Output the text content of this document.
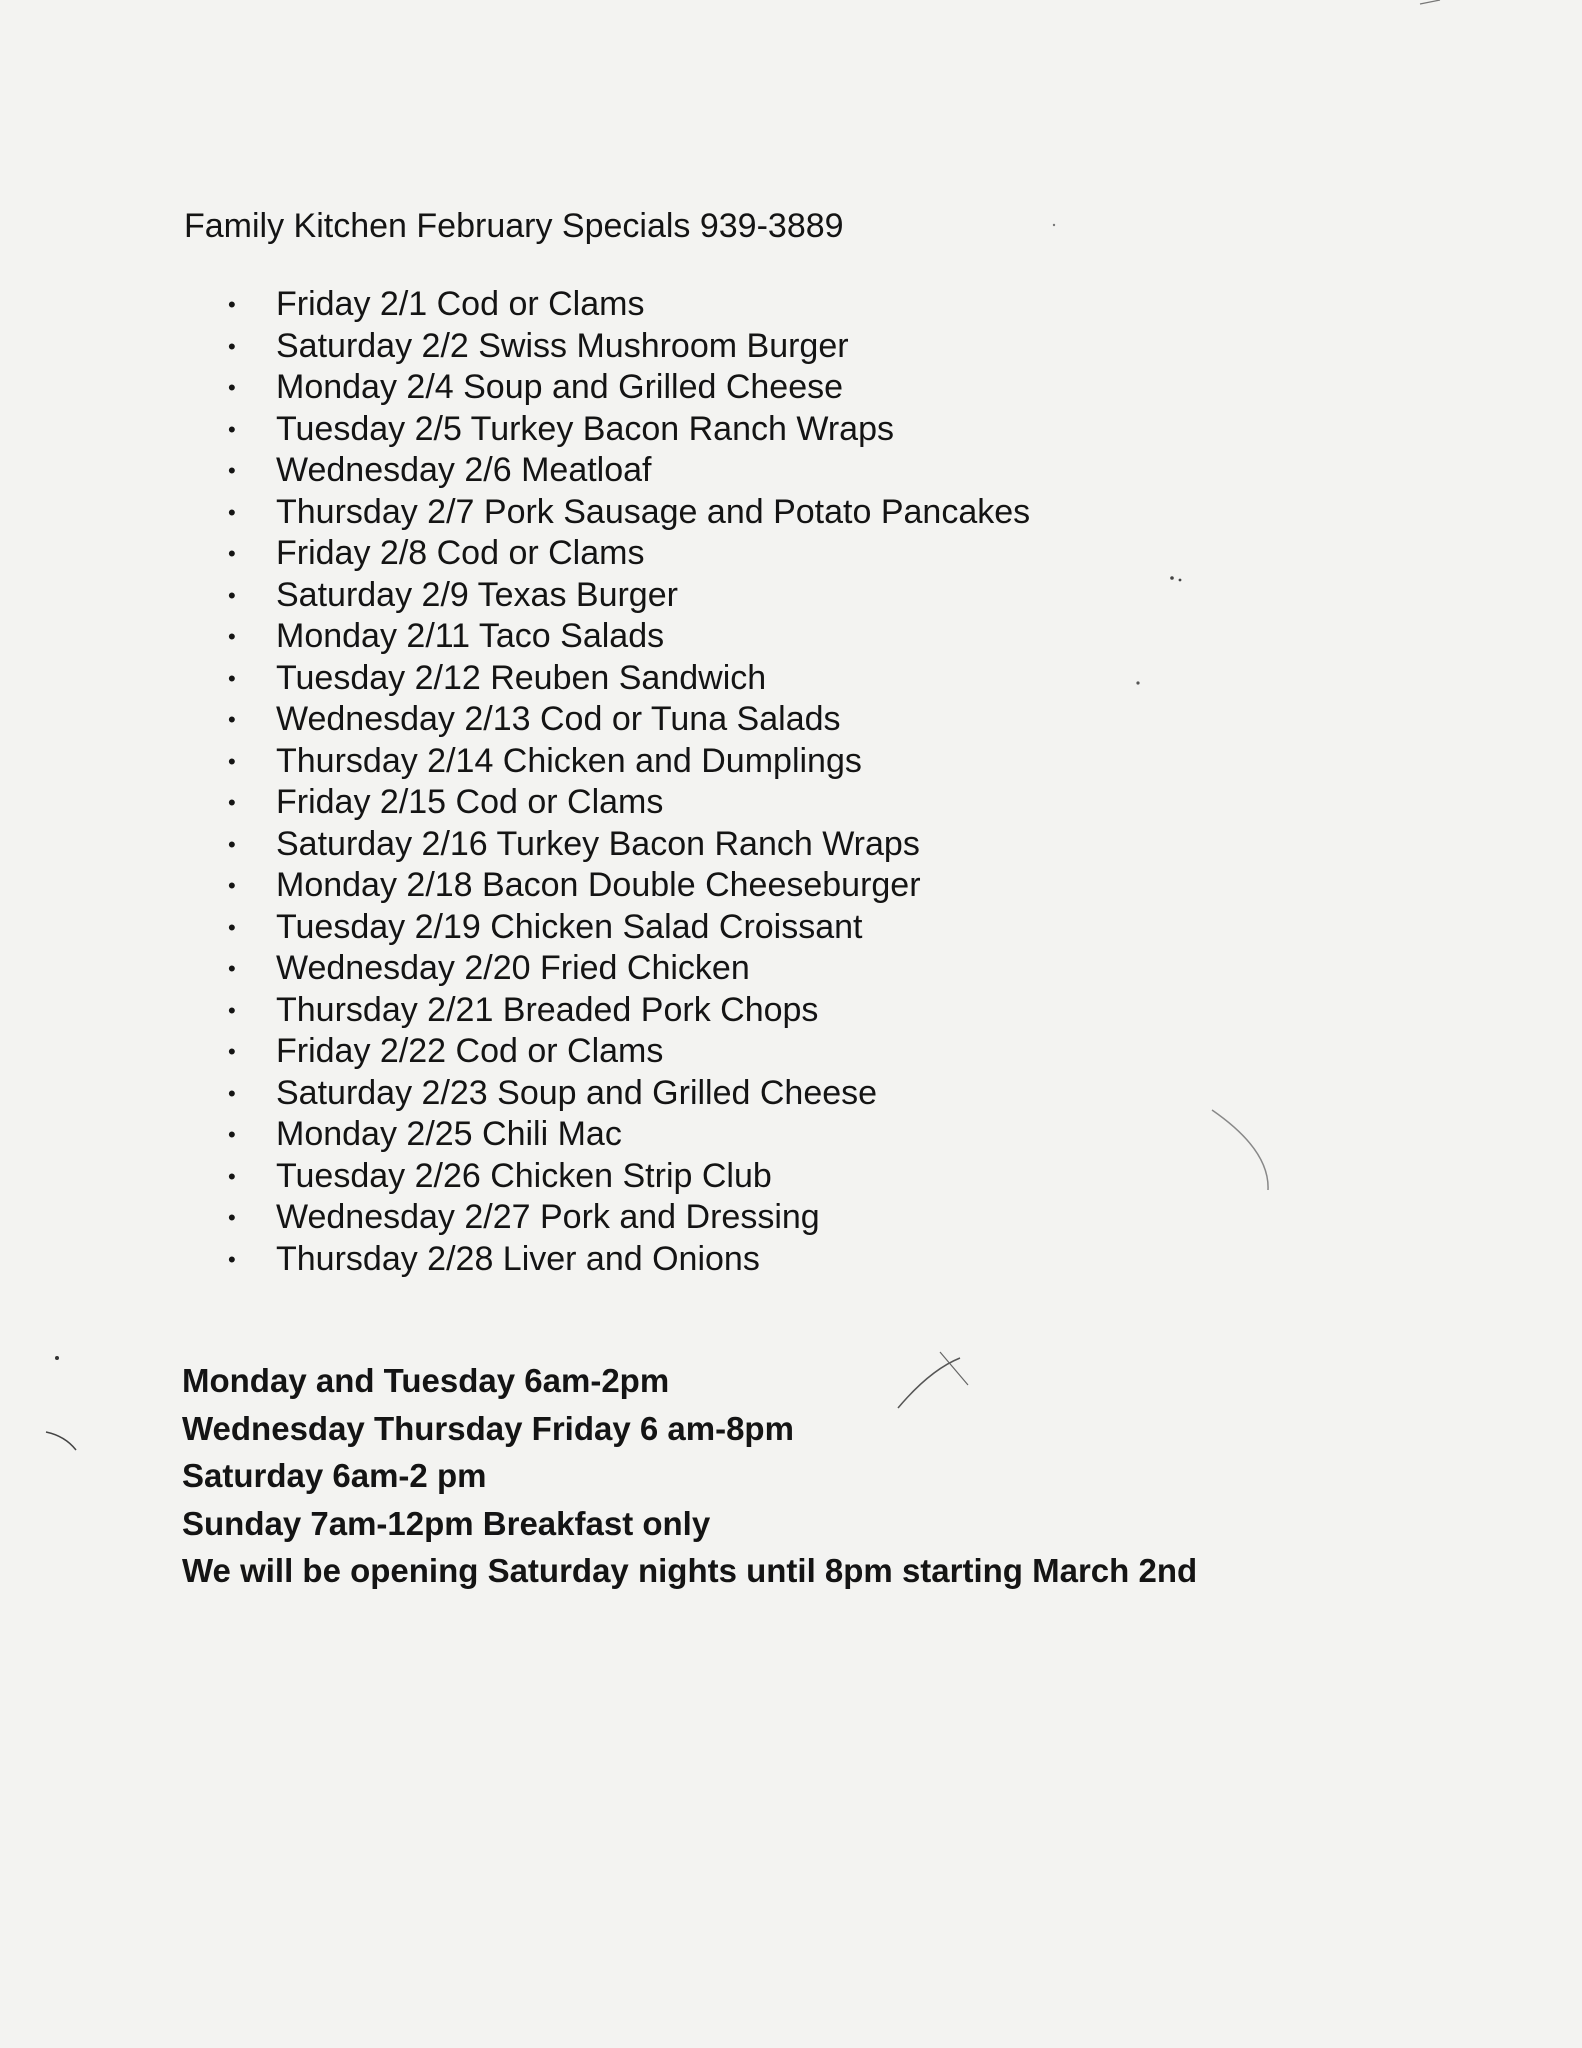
Family Kitchen February Specials 939-3889
• Friday 2/1 Cod or Clams
• Saturday 2/2 Swiss Mushroom Burger
• Monday 2/4 Soup and Grilled Cheese
• Tuesday 2/5 Turkey Bacon Ranch Wraps
• Wednesday 2/6 Meatloaf
• Thursday 2/7 Pork Sausage and Potato Pancakes
• Friday 2/8 Cod or Clams
• Saturday 2/9 Texas Burger
• Monday 2/11 Taco Salads
• Tuesday 2/12 Reuben Sandwich
• Wednesday 2/13 Cod or Tuna Salads
• Thursday 2/14 Chicken and Dumplings
• Friday 2/15 Cod or Clams
• Saturday 2/16 Turkey Bacon Ranch Wraps
• Monday 2/18 Bacon Double Cheeseburger
• Tuesday 2/19 Chicken Salad Croissant
• Wednesday 2/20 Fried Chicken
• Thursday 2/21 Breaded Pork Chops
• Friday 2/22 Cod or Clams
• Saturday 2/23 Soup and Grilled Cheese
• Monday 2/25 Chili Mac
• Tuesday 2/26 Chicken Strip Club
• Wednesday 2/27 Pork and Dressing
• Thursday 2/28 Liver and Onions
Monday and Tuesday 6am-2pm
Wednesday Thursday Friday 6 am-8pm
Saturday 6am-2 pm
Sunday 7am-12pm Breakfast only
We will be opening Saturday nights until 8pm starting March 2nd
